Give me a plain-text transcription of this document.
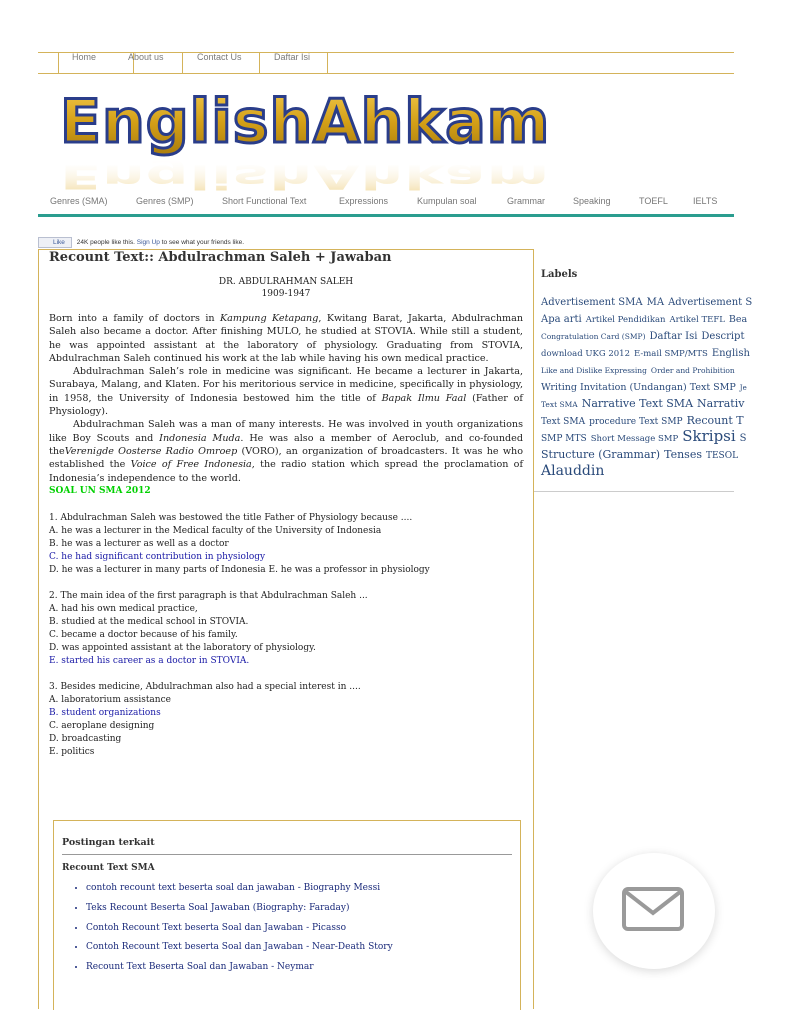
Home	About us	Contact Us	Daftar Isi
EnglishAhkam
EnglishAhkam
Genres (SMA)	Genres (SMP)	Short Functional Text	Expressions	Kumpulan soal	Grammar	Speaking	TOEFL	IELTS
Like 24K people like this. Sign Up to see what your friends like.
Recount Text:: Abdulrachman Saleh + Jawaban
DR. ABDULRAHMAN SALEH
1909-1947

Born into a family of doctors in Kampung Ketapang, Kwitang Barat, Jakarta, Abdulrachman Saleh also became a doctor. After finishing MULO, he studied at STOVIA. While still a student, he was appointed assistant at the laboratory of physiology. Graduating from STOVIA, Abdulrachman Saleh continued his work at the lab while having his own medical practice.

Abdulrachman Saleh’s role in medicine was significant. He became a lecturer in Jakarta, Surabaya, Malang, and Klaten. For his meritorious service in medicine, specifically in physiology, in 1958, the University of Indonesia bestowed him the title of Bapak Ilmu Faal (Father of Physiology).

Abdulrachman Saleh was a man of many interests. He was involved in youth organizations like Boy Scouts and Indonesia Muda. He was also a member of Aeroclub, and co-founded theVerenigde Oosterse Radio Omroep (VORO), an organization of broadcasters. It was he who established the Voice of Free Indonesia, the radio station which spread the proclamation of Indonesia’s independence to the world.

SOAL UN SMA 2012

1. Abdulrachman Saleh was bestowed the title Father of Physiology because ....
A. he was a lecturer in the Medical faculty of the University of Indonesia
B. he was a lecturer as well as a doctor
C. he had significant contribution in physiology
D. he was a lecturer in many parts of Indonesia E. he was a professor in physiology
2. The main idea of the first paragraph is that Abdulrachman Saleh ...
A. had his own medical practice,
B. studied at the medical school in STOVIA.
C. became a doctor because of his family.
D. was appointed assistant at the laboratory of physiology.
E. started his career as a doctor in STOVIA.
3. Besides medicine, Abdulrachman also had a special interest in ....
A. laboratorium assistance
B. student organizations
C. aeroplane designing
D. broadcasting
E. politics
Postingan terkait
Recount Text SMA
• contoh recount text beserta soal dan jawaban - Biography Messi
• Teks Recount Beserta Soal Jawaban (Biography: Faraday)
• Contoh Recount Text beserta Soal dan Jawaban - Picasso
• Contoh Recount Text beserta Soal dan Jawaban - Near-Death Story
• Recount Text Beserta Soal dan Jawaban - Neymar
Labels
Advertisement SMA MA Advertisement S
Apa arti Artikel Pendidikan Artikel TEFL Bea
Congratulation Card (SMP) Daftar Isi Descript
download UKG 2012 E-mail SMP/MTS English
Like and Dislike Expressing Order and Prohibition
Writing Invitation (Undangan) Text SMP Je
Text SMA Narrative Text SMA Narrativ
Text SMA procedure Text SMP Recount T
SMP MTS Short Message SMP Skripsi S
Structure (Grammar) Tenses TESOL
Alauddin
